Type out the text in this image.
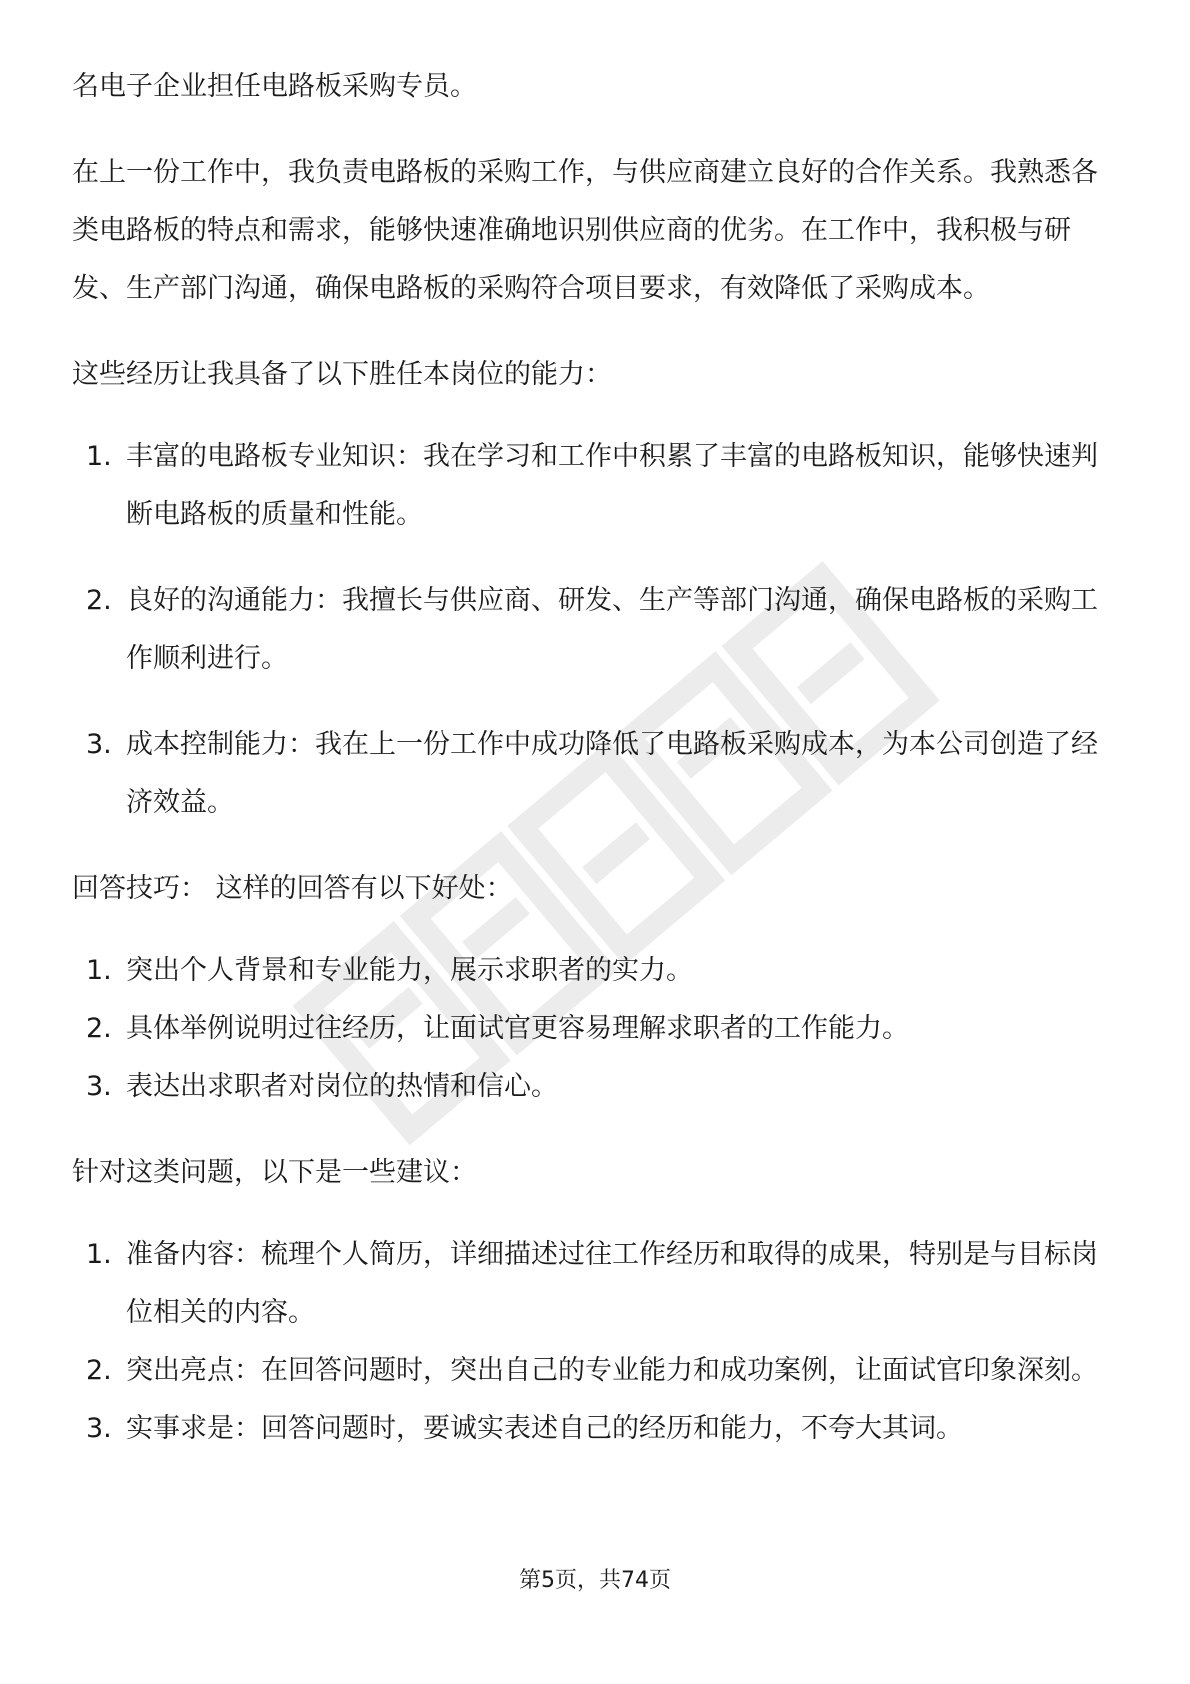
名电子企业担任电路板采购专员。

在上一份工作中，我负责电路板的采购工作，与供应商建立良好的合作关系。我熟悉各类电路板的特点和需求，能够快速准确地识别供应商的优劣。在工作中，我积极与研发、生产部门沟通，确保电路板的采购符合项目要求，有效降低了采购成本。

这些经历让我具备了以下胜任本岗位的能力：

1. 丰富的电路板专业知识：我在学习和工作中积累了丰富的电路板知识，能够快速判断电路板的质量和性能。
2. 良好的沟通能力：我擅长与供应商、研发、生产等部门沟通，确保电路板的采购工作顺利进行。
3. 成本控制能力：我在上一份工作中成功降低了电路板采购成本，为本公司创造了经济效益。

回答技巧： 这样的回答有以下好处：

1. 突出个人背景和专业能力，展示求职者的实力。
2. 具体举例说明过往经历，让面试官更容易理解求职者的工作能力。
3. 表达出求职者对岗位的热情和信心。

针对这类问题，以下是一些建议：

1. 准备内容：梳理个人简历，详细描述过往工作经历和取得的成果，特别是与目标岗位相关的内容。
2. 突出亮点：在回答问题时，突出自己的专业能力和成功案例，让面试官印象深刻。
3. 实事求是：回答问题时，要诚实表述自己的经历和能力，不夸大其词。
第5页，共74页
